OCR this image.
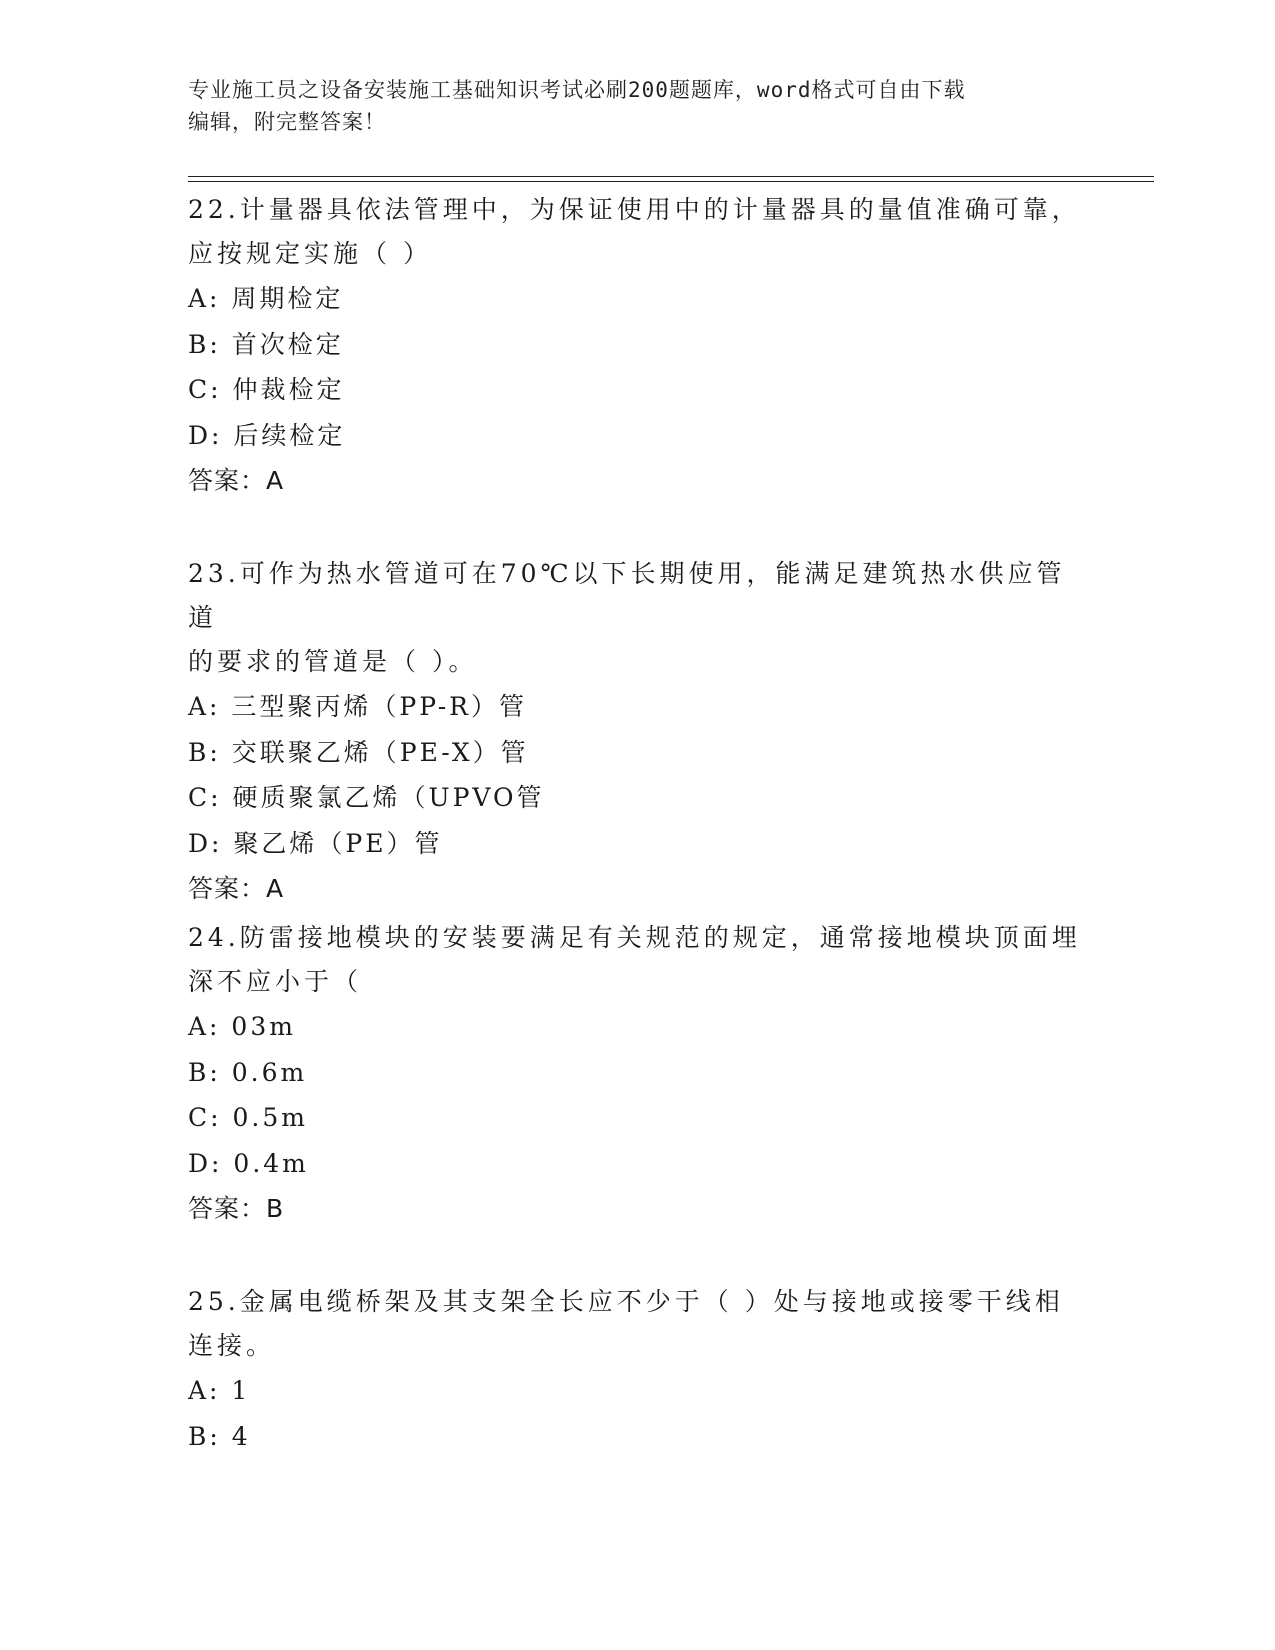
专业施工员之设备安装施工基础知识考试必刷200题题库，word格式可自由下载
编辑，附完整答案！

22.计量器具依法管理中，为保证使用中的计量器具的量值准确可靠，

应按规定实施（ ）

A: 周期检定

B: 首次检定

C: 仲裁检定

D: 后续检定

答案：A

23.可作为热水管道可在70℃以下长期使用，能满足建筑热水供应管道

的要求的管道是（ ）。

A: 三型聚丙烯（PP-R）管

B: 交联聚乙烯（PE-X）管

C: 硬质聚氯乙烯（UPVO管

D: 聚乙烯（PE）管

答案：A

24.防雷接地模块的安装要满足有关规范的规定，通常接地模块顶面埋

深不应小于（

A: 03m

B: 0.6m

C: 0.5m

D: 0.4m

答案：B

25.金属电缆桥架及其支架全长应不少于（ ）处与接地或接零干线相

连接。

A: 1

B: 4
